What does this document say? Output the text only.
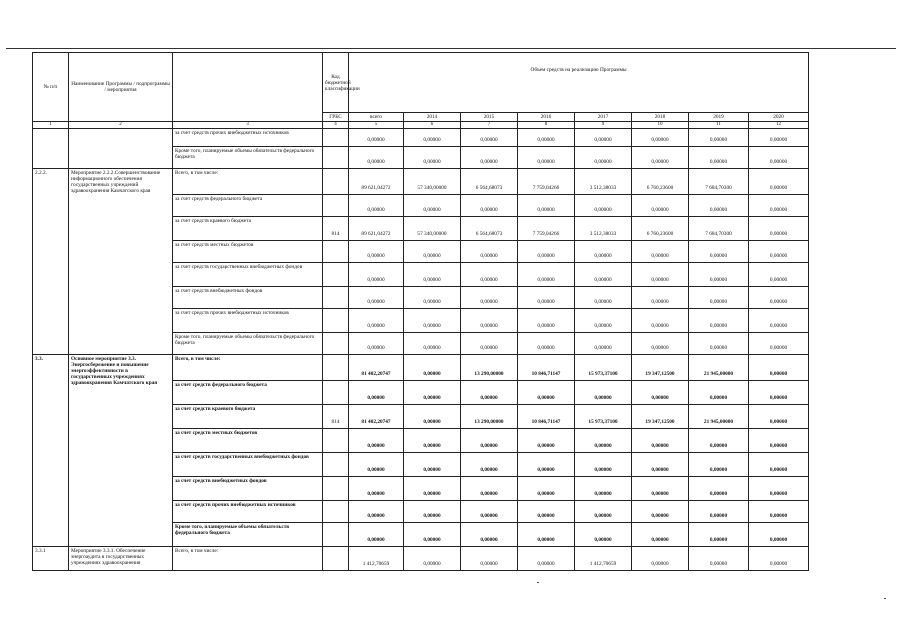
№ п/п	Наименование Программы / подпрограммы / мероприятия		Код бюджетной классификации	Объем средств на реализацию Программы							
			ГРБС	всего	2014	2015	2016	2017	2018	2019	2020
1	2	3	4	5	6	7	8	9	10	11	12
		за счет средств прочих внебюджетных источников		0,00000	0,00000	0,00000	0,00000	0,00000	0,00000	0,00000	0,00000
		Кроме того, планируемые объемы обязательств федерального бюджета		0,00000	0,00000	0,00000	0,00000	0,00000	0,00000	0,00000	0,00000
2.2.2.	Мероприятие 2.2.2.Совершенствование информационного обеспечения государственных учреждений здравоохранения Камчатского края	Всего, в том числе:		89 621,04272	57 340,00000	6 564,68073	7 759,04266	3 512,38033	6 760,23600	7 684,70300	0,00000
		за счет средств федерального бюджета		0,00000	0,00000	0,00000	0,00000	0,00000	0,00000	0,00000	0,00000
		за счет средств краевого бюджета	814	89 621,04272	57 340,00000	6 564,68073	7 759,04266	3 512,38033	6 760,23600	7 684,70300	0,00000
		за счет средств местных бюджетов		0,00000	0,00000	0,00000	0,00000	0,00000	0,00000	0,00000	0,00000
		за счет средств государственных внебюджетных фондов		0,00000	0,00000	0,00000	0,00000	0,00000	0,00000	0,00000	0,00000
		за счет средств внебюджетных фондов		0,00000	0,00000	0,00000	0,00000	0,00000	0,00000	0,00000	0,00000
		за счет средств прочих внебюджетных источников		0,00000	0,00000	0,00000	0,00000	0,00000	0,00000	0,00000	0,00000
		Кроме того, планируемые объемы обязательств федерального бюджета		0,00000	0,00000	0,00000	0,00000	0,00000	0,00000	0,00000	0,00000
3.3.	Основное мероприятие 3.3. Энергосбережение и повышение энергоэффективности в государственных учреждениях здравоохранения Камчатского края	Всего, в том числе:		81 402,20747	0,00000	13 290,00000	10 846,71147	15 973,37100	19 347,12500	21 945,00000	0,00000
		за счет средств федерального бюджета		0,00000	0,00000	0,00000	0,00000	0,00000	0,00000	0,00000	0,00000
		за счет средств краевого бюджета	814	81 402,20747	0,00000	13 290,00000	10 846,71147	15 973,37100	19 347,12500	21 945,00000	0,00000
		за счет средств местных бюджетов		0,00000	0,00000	0,00000	0,00000	0,00000	0,00000	0,00000	0,00000
		за счет средств государственных внебюджетных фондов		0,00000	0,00000	0,00000	0,00000	0,00000	0,00000	0,00000	0,00000
		за счет средств внебюджетных фондов		0,00000	0,00000	0,00000	0,00000	0,00000	0,00000	0,00000	0,00000
		за счет средств прочих внебюджетных источников		0,00000	0,00000	0,00000	0,00000	0,00000	0,00000	0,00000	0,00000
		Кроме того, планируемые объемы обязательств федерального бюджета		0,00000	0,00000	0,00000	0,00000	0,00000	0,00000	0,00000	0,00000
3.3.1	Мероприятие 3.3.1. Обеспечение энергоаудита в государственных учреждениях здравоохранения	Всего, в том числе:		1 412,70659	0,00000	0,00000	0,00000	1 412,70659	0,00000	0,00000	0,00000
